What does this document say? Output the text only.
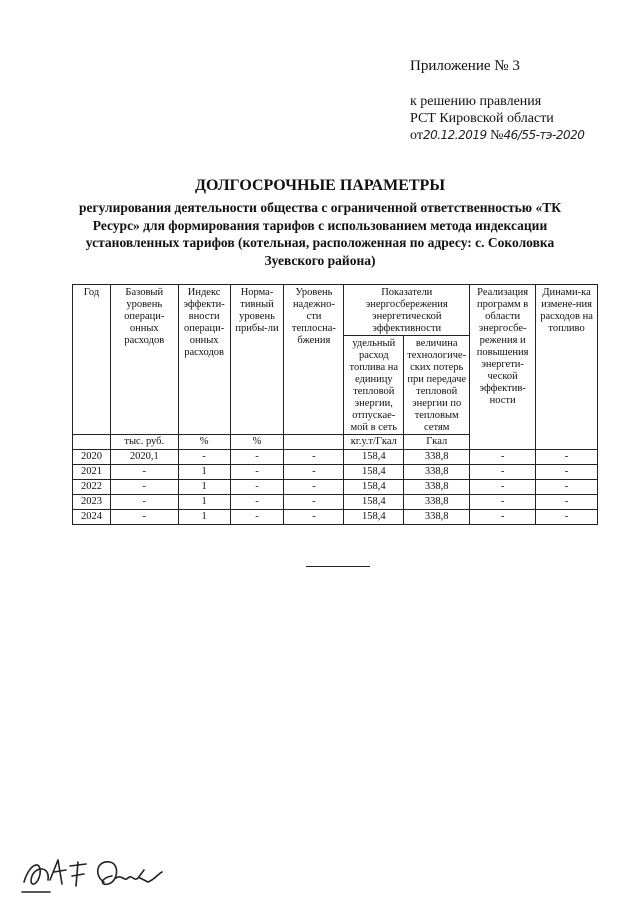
Приложение № 3
к решению правления
РСТ Кировской области
от20.12.2019 №46/55-тэ-2020
ДОЛГОСРОЧНЫЕ ПАРАМЕТРЫ
регулирования деятельности общества с ограниченной ответственностью «ТК Ресурс» для формирования тарифов с использованием метода индексации установленных тарифов (котельная, расположенная по адресу: с. Соколовка Зуевского района)
Год	Базовый уровень операци-онных расходов	Индекс эффекти-вности операци-онных расходов	Норма-тивный уровень прибы-ли	Уровень надежно-сти теплосна-бжения	Показатели энергосбережения энергетической эффективности		Реализация программ в области энергосбе-режения и повышения энергети-ческой эффектив-ности	Динами-ка измене-ния расходов на топливо
					удельный расход топлива на единицу тепловой энергии, отпускае-мой в сеть	величина технологиче-ских потерь при передаче тепловой энергии по тепловым сетям		
	тыс. руб.	%	%		кг.у.т/Гкал	Гкал		
2020	2020,1	-	-	-	158,4	338,8	-	-
2021	-	1	-	-	158,4	338,8	-	-
2022	-	1	-	-	158,4	338,8	-	-
2023	-	1	-	-	158,4	338,8	-	-
2024	-	1	-	-	158,4	338,8	-	-
